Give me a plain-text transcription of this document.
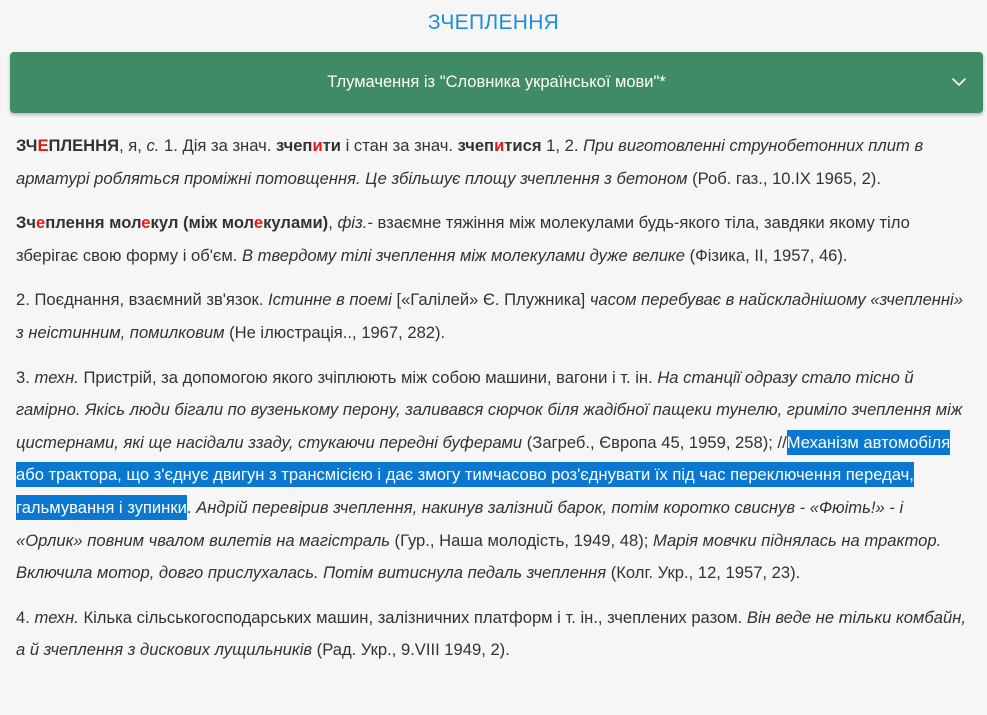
ЗЧЕПЛЕННЯ
Тлумачення із "Словника української мови"*

ЗЧЕПЛЕННЯ, я, с. 1. Дія за знач. зчепити і стан за знач. зчепитися 1, 2. При виготовленні струнобетонних плит в арматурі робляться проміжні потовщення. Це збільшує площу зчеплення з бетоном (Роб. газ., 10.IX 1965, 2).

Зчеплення молекул (між молекулами), фіз.- взаємне тяжіння між молекулами будь-якого тіла, завдяки якому тіло зберігає свою форму і об'єм. В твердому тілі зчеплення між молекулами дуже велике (Фізика, II, 1957, 46).

2. Поєднання, взаємний зв'язок. Істинне в поемі [«Галілей» Є. Плужника] часом перебуває в найскладнішому «зчепленні» з неістинним, помилковим (Не ілюстрація.., 1967, 282).

3. техн. Пристрій, за допомогою якого зчіплюють між собою машини, вагони і т. ін. На станції одразу стало тісно й гамірно. Якісь люди бігали по вузенькому перону, заливався сюрчок біля жадібної пащеки тунелю, гриміло зчеплення між цистернами, які ще насідали ззаду, стукаючи передні буферами (Загреб., Європа 45, 1959, 258); //Механізм автомобіля або трактора, що з'єднує двигун з трансмісією і дає змогу тимчасово роз'єднувати їх під час переключення передач, гальмування і зупинки. Андрій перевірив зчеплення, накинув залізний барок, потім коротко свиснув - «Фюіть!» - і «Орлик» повним чвалом вилетів на магістраль (Гур., Наша молодість, 1949, 48); Марія мовчки піднялась на трактор. Включила мотор, довго прислухалась. Потім витиснула педаль зчеплення (Колг. Укр., 12, 1957, 23).

4. техн. Кілька сільськогосподарських машин, залізничних платформ і т. ін., зчеплених разом. Він веде не тільки комбайн, а й зчеплення з дискових лущильників (Рад. Укр., 9.VIII 1949, 2).
